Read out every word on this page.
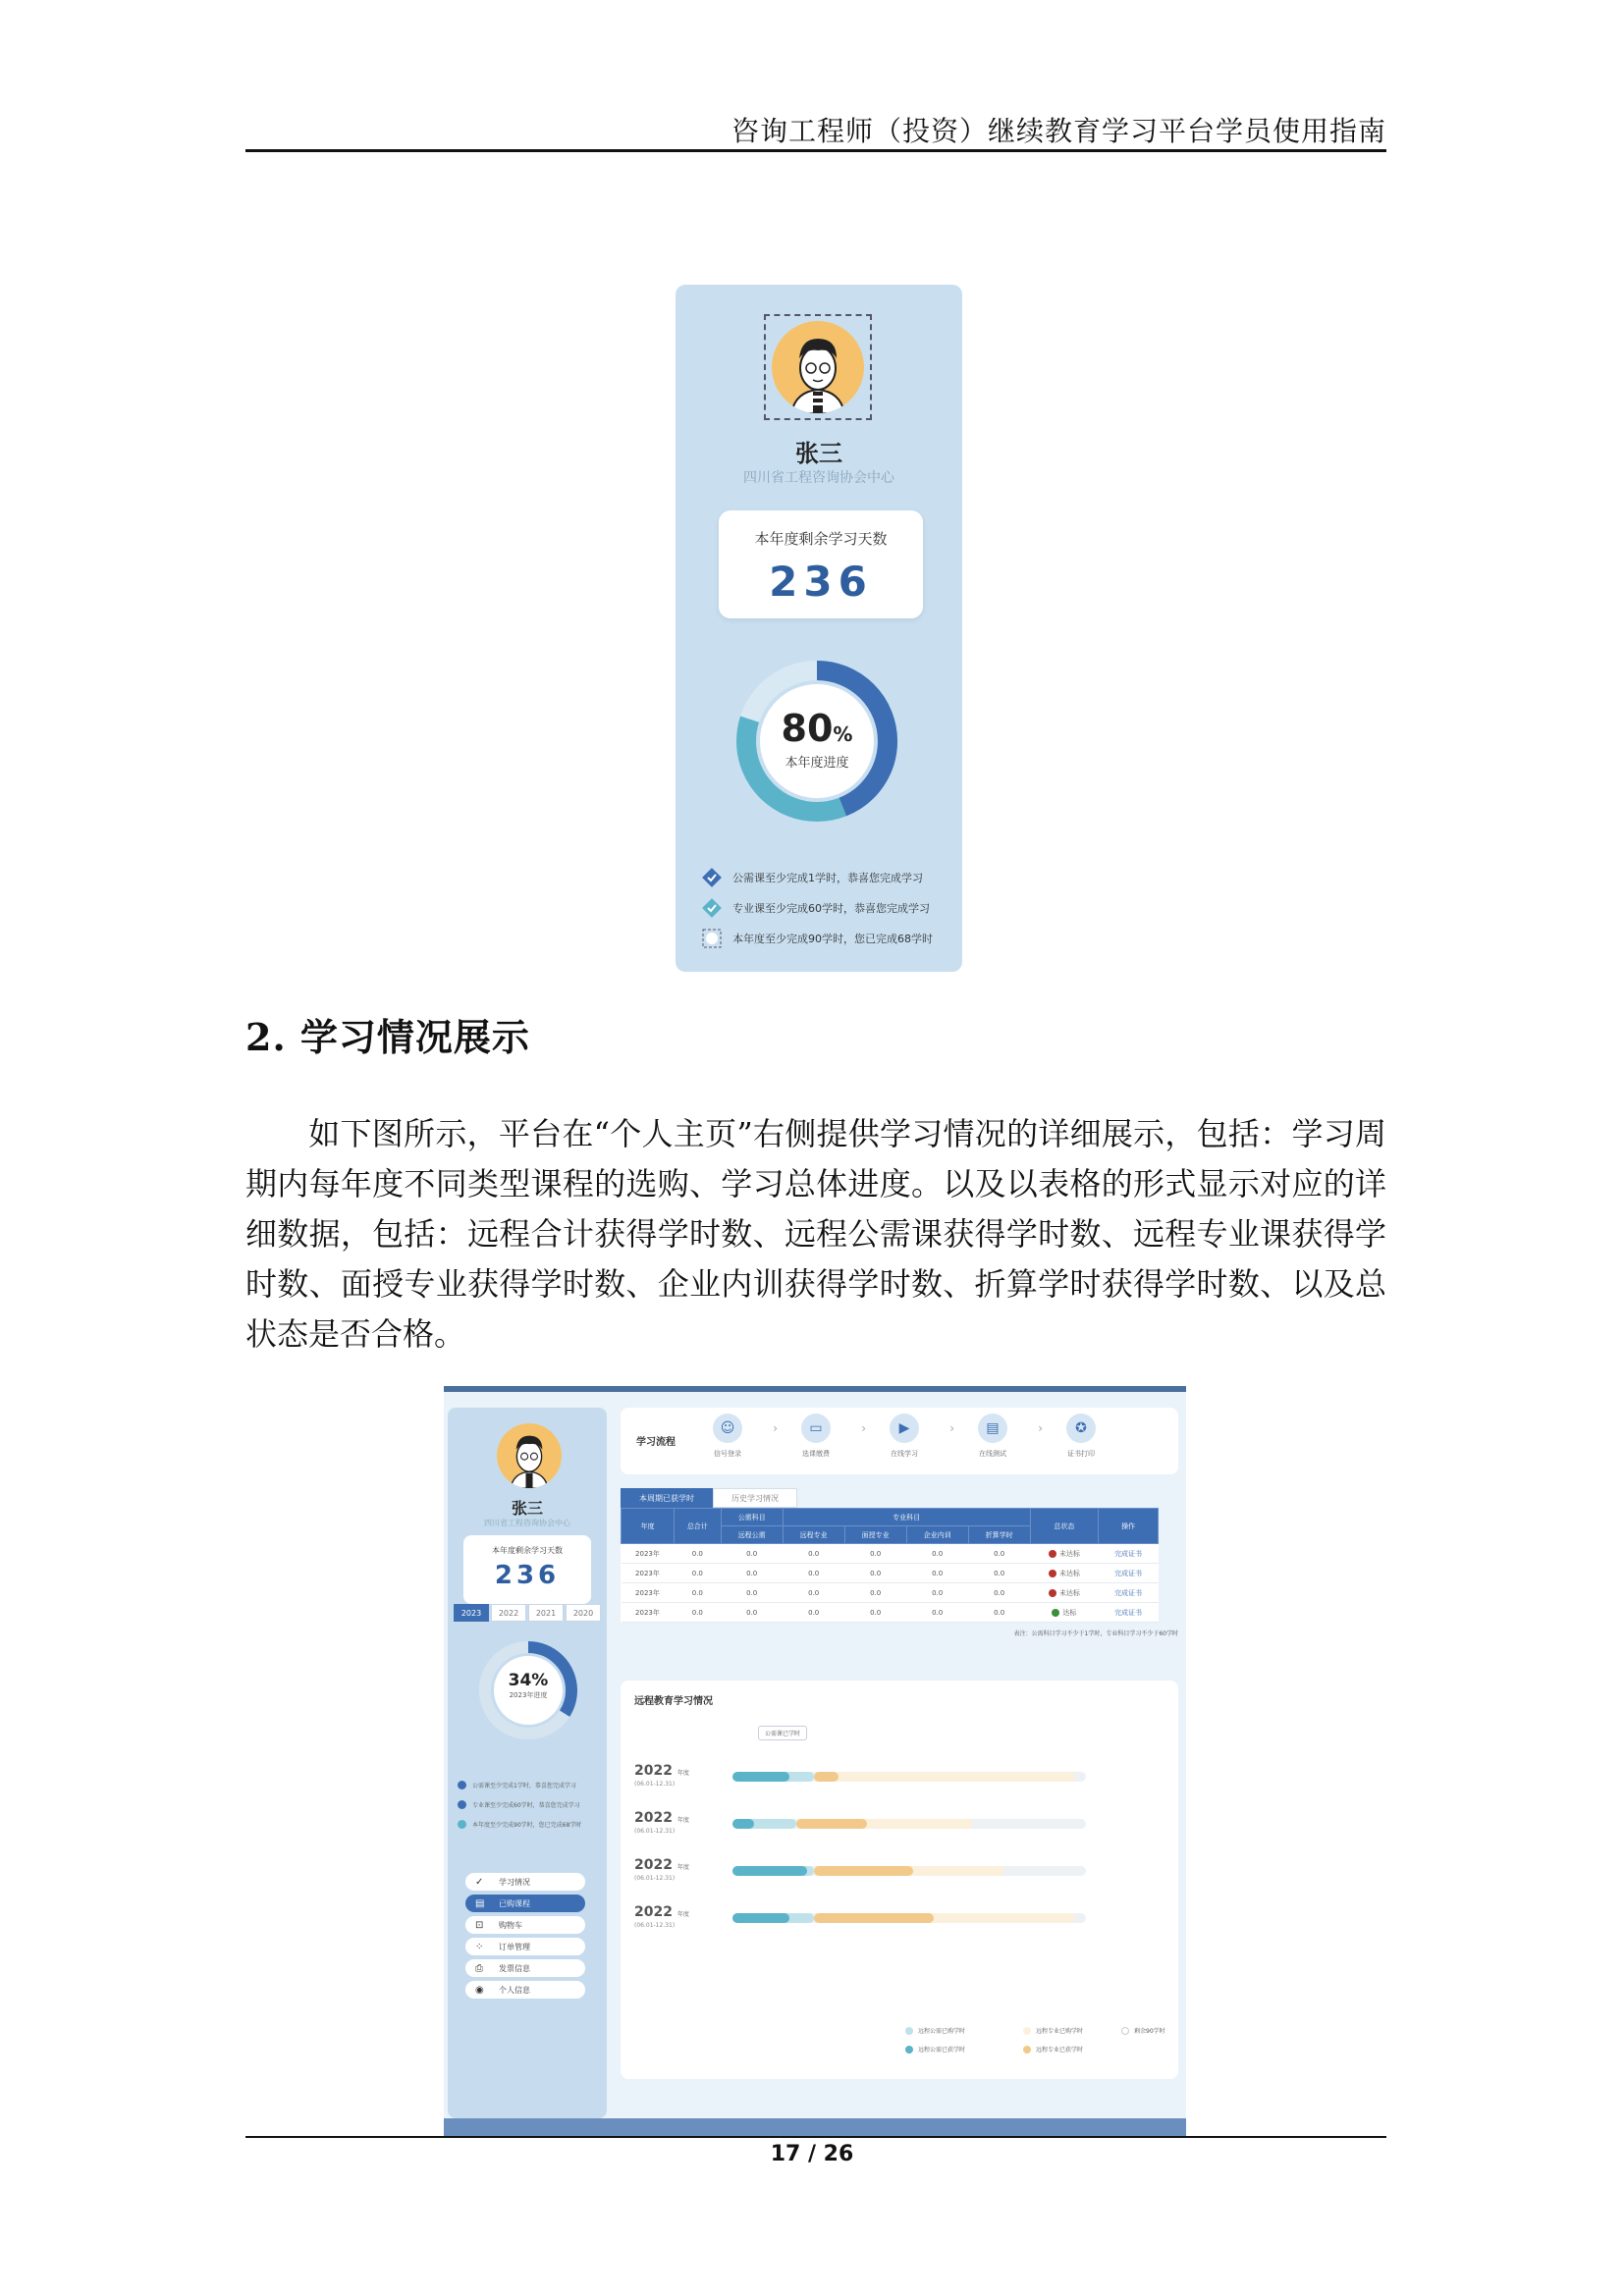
咨询工程师（投资）继续教育学习平台学员使用指南
张三
四川省工程咨询协会中心
本年度剩余学习天数
236
80%
本年度进度
公需课至少完成1学时，恭喜您完成学习
专业课至少完成60学时，恭喜您完成学习
本年度至少完成90学时，您已完成68学时
2. 学习情况展示
如下图所示，平台在“个人主页”右侧提供学习情况的详细展示，包括：学习周期内每年度不同类型课程的选购、学习总体进度。以及以表格的形式显示对应的详细数据，包括：远程合计获得学时数、远程公需课获得学时数、远程专业课获得学时数、面授专业获得学时数、企业内训获得学时数、折算学时获得学时数、以及总状态是否合格。
张三
四川省工程咨询协会中心
本年度剩余学习天数
236
2023	2022	2021	2020
34%
2023年进度
公需课至少完成1学时，恭喜您完成学习
专业课至少完成60学时，恭喜您完成学习
本年度至少完成90学时，您已完成68学时
✓	学习情况
▤	已购课程
⊡	购物车
⁘	订单管理
⎙	发票信息
◉	个人信息
学习流程
☺
信号登录
›	▭
选课缴费
›	▶
在线学习
›	▤
在线测试
›	✪
证书打印
本周期已获学时	历史学习情况
年度	总合计	公需科目	专业科目				总状态	操作
		远程公需	远程专业	面授专业	企业内训	折算学时		
2023年	0.0	0.0	0.0	0.0	0.0	0.0	未达标	完成证书
2023年	0.0	0.0	0.0	0.0	0.0	0.0	未达标	完成证书
2023年	0.0	0.0	0.0	0.0	0.0	0.0	未达标	完成证书
2023年	0.0	0.0	0.0	0.0	0.0	0.0	达标	完成证书
表注：公需科目学习不少于1学时，专业科目学习不少于60学时
远程教育学习情况
公需课已学时
2022 年度
(06.01-12.31)
2022 年度
(06.01-12.31)
2022 年度
(06.01-12.31)
2022 年度
(06.01-12.31)
远程公需已购学时	远程专业已购学时	剩余90学时
远程公需已获学时	远程专业已获学时
17 / 26
